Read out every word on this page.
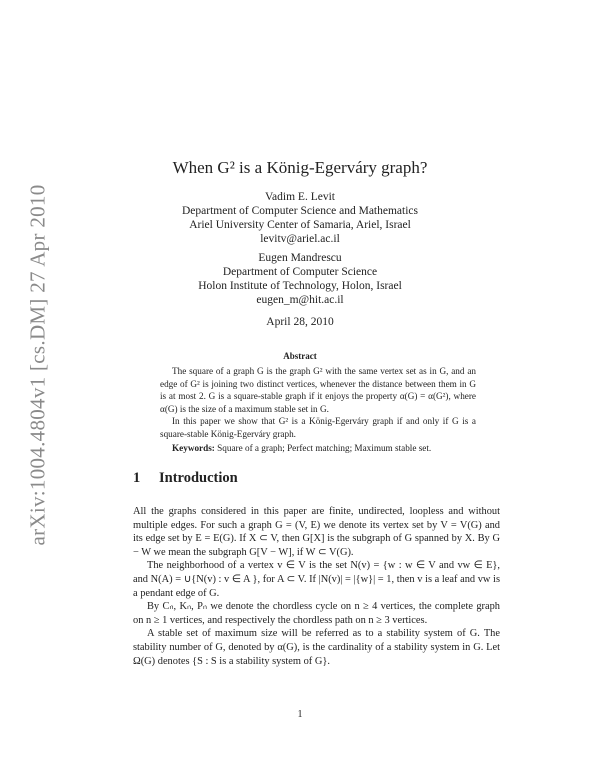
arXiv:1004.4804v1 [cs.DM] 27 Apr 2010
When G² is a König-Egerváry graph?
Vadim E. Levit
Department of Computer Science and Mathematics
Ariel University Center of Samaria, Ariel, Israel
levitv@ariel.ac.il
Eugen Mandrescu
Department of Computer Science
Holon Institute of Technology, Holon, Israel
eugen_m@hit.ac.il
April 28, 2010
Abstract

The square of a graph G is the graph G² with the same vertex set as in G, and an edge of G² is joining two distinct vertices, whenever the distance between them in G is at most 2. G is a square-stable graph if it enjoys the property α(G) = α(G²), where α(G) is the size of a maximum stable set in G.

In this paper we show that G² is a König-Egerváry graph if and only if G is a square-stable König-Egerváry graph.

Keywords: Square of a graph; Perfect matching; Maximum stable set.
1 Introduction

All the graphs considered in this paper are finite, undirected, loopless and without multiple edges. For such a graph G = (V, E) we denote its vertex set by V = V(G) and its edge set by E = E(G). If X ⊂ V, then G[X] is the subgraph of G spanned by X. By G − W we mean the subgraph G[V − W], if W ⊂ V(G).

The neighborhood of a vertex v ∈ V is the set N(v) = {w : w ∈ V and vw ∈ E}, and N(A) = ∪{N(v) : v ∈ A }, for A ⊂ V. If |N(v)| = |{w}| = 1, then v is a leaf and vw is a pendant edge of G.

By Cₙ, Kₙ, Pₙ we denote the chordless cycle on n ≥ 4 vertices, the complete graph on n ≥ 1 vertices, and respectively the chordless path on n ≥ 3 vertices.

A stable set of maximum size will be referred as to a stability system of G. The stability number of G, denoted by α(G), is the cardinality of a stability system in G. Let Ω(G) denotes {S : S is a stability system of G}.

1
